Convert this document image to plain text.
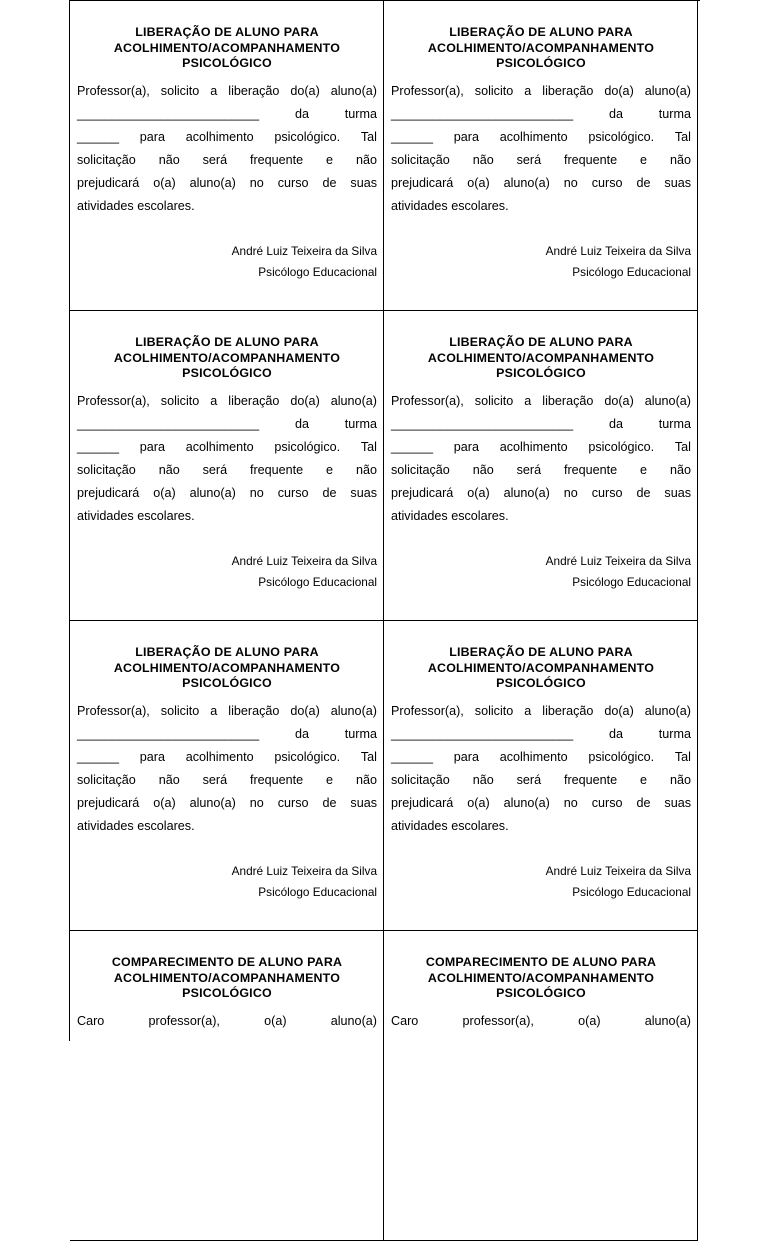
LIBERAÇÃO DE ALUNO PARA
ACOLHIMENTO/ACOMPANHAMENTO
PSICOLÓGICO
Professor(a), solicito a liberação do(a) aluno(a)
__________________________	da	turma
______ para acolhimento psicológico. Tal
solicitação não será frequente e não
prejudicará o(a) aluno(a) no curso de suas
atividades escolares.
André Luiz Teixeira da Silva
Psicólogo Educacional
LIBERAÇÃO DE ALUNO PARA
ACOLHIMENTO/ACOMPANHAMENTO
PSICOLÓGICO
Professor(a), solicito a liberação do(a) aluno(a)
__________________________	da	turma
______ para acolhimento psicológico. Tal
solicitação não será frequente e não
prejudicará o(a) aluno(a) no curso de suas
atividades escolares.
André Luiz Teixeira da Silva
Psicólogo Educacional
LIBERAÇÃO DE ALUNO PARA
ACOLHIMENTO/ACOMPANHAMENTO
PSICOLÓGICO
Professor(a), solicito a liberação do(a) aluno(a)
__________________________	da	turma
______ para acolhimento psicológico. Tal
solicitação não será frequente e não
prejudicará o(a) aluno(a) no curso de suas
atividades escolares.
André Luiz Teixeira da Silva
Psicólogo Educacional
LIBERAÇÃO DE ALUNO PARA
ACOLHIMENTO/ACOMPANHAMENTO
PSICOLÓGICO
Professor(a), solicito a liberação do(a) aluno(a)
__________________________	da	turma
______ para acolhimento psicológico. Tal
solicitação não será frequente e não
prejudicará o(a) aluno(a) no curso de suas
atividades escolares.
André Luiz Teixeira da Silva
Psicólogo Educacional
LIBERAÇÃO DE ALUNO PARA
ACOLHIMENTO/ACOMPANHAMENTO
PSICOLÓGICO
Professor(a), solicito a liberação do(a) aluno(a)
__________________________	da	turma
______ para acolhimento psicológico. Tal
solicitação não será frequente e não
prejudicará o(a) aluno(a) no curso de suas
atividades escolares.
André Luiz Teixeira da Silva
Psicólogo Educacional
LIBERAÇÃO DE ALUNO PARA
ACOLHIMENTO/ACOMPANHAMENTO
PSICOLÓGICO
Professor(a), solicito a liberação do(a) aluno(a)
__________________________	da	turma
______ para acolhimento psicológico. Tal
solicitação não será frequente e não
prejudicará o(a) aluno(a) no curso de suas
atividades escolares.
André Luiz Teixeira da Silva
Psicólogo Educacional
COMPARECIMENTO DE ALUNO PARA
ACOLHIMENTO/ACOMPANHAMENTO
PSICOLÓGICO
Caro	professor(a),	o(a)	aluno(a)
COMPARECIMENTO DE ALUNO PARA
ACOLHIMENTO/ACOMPANHAMENTO
PSICOLÓGICO
Caro	professor(a),	o(a)	aluno(a)
